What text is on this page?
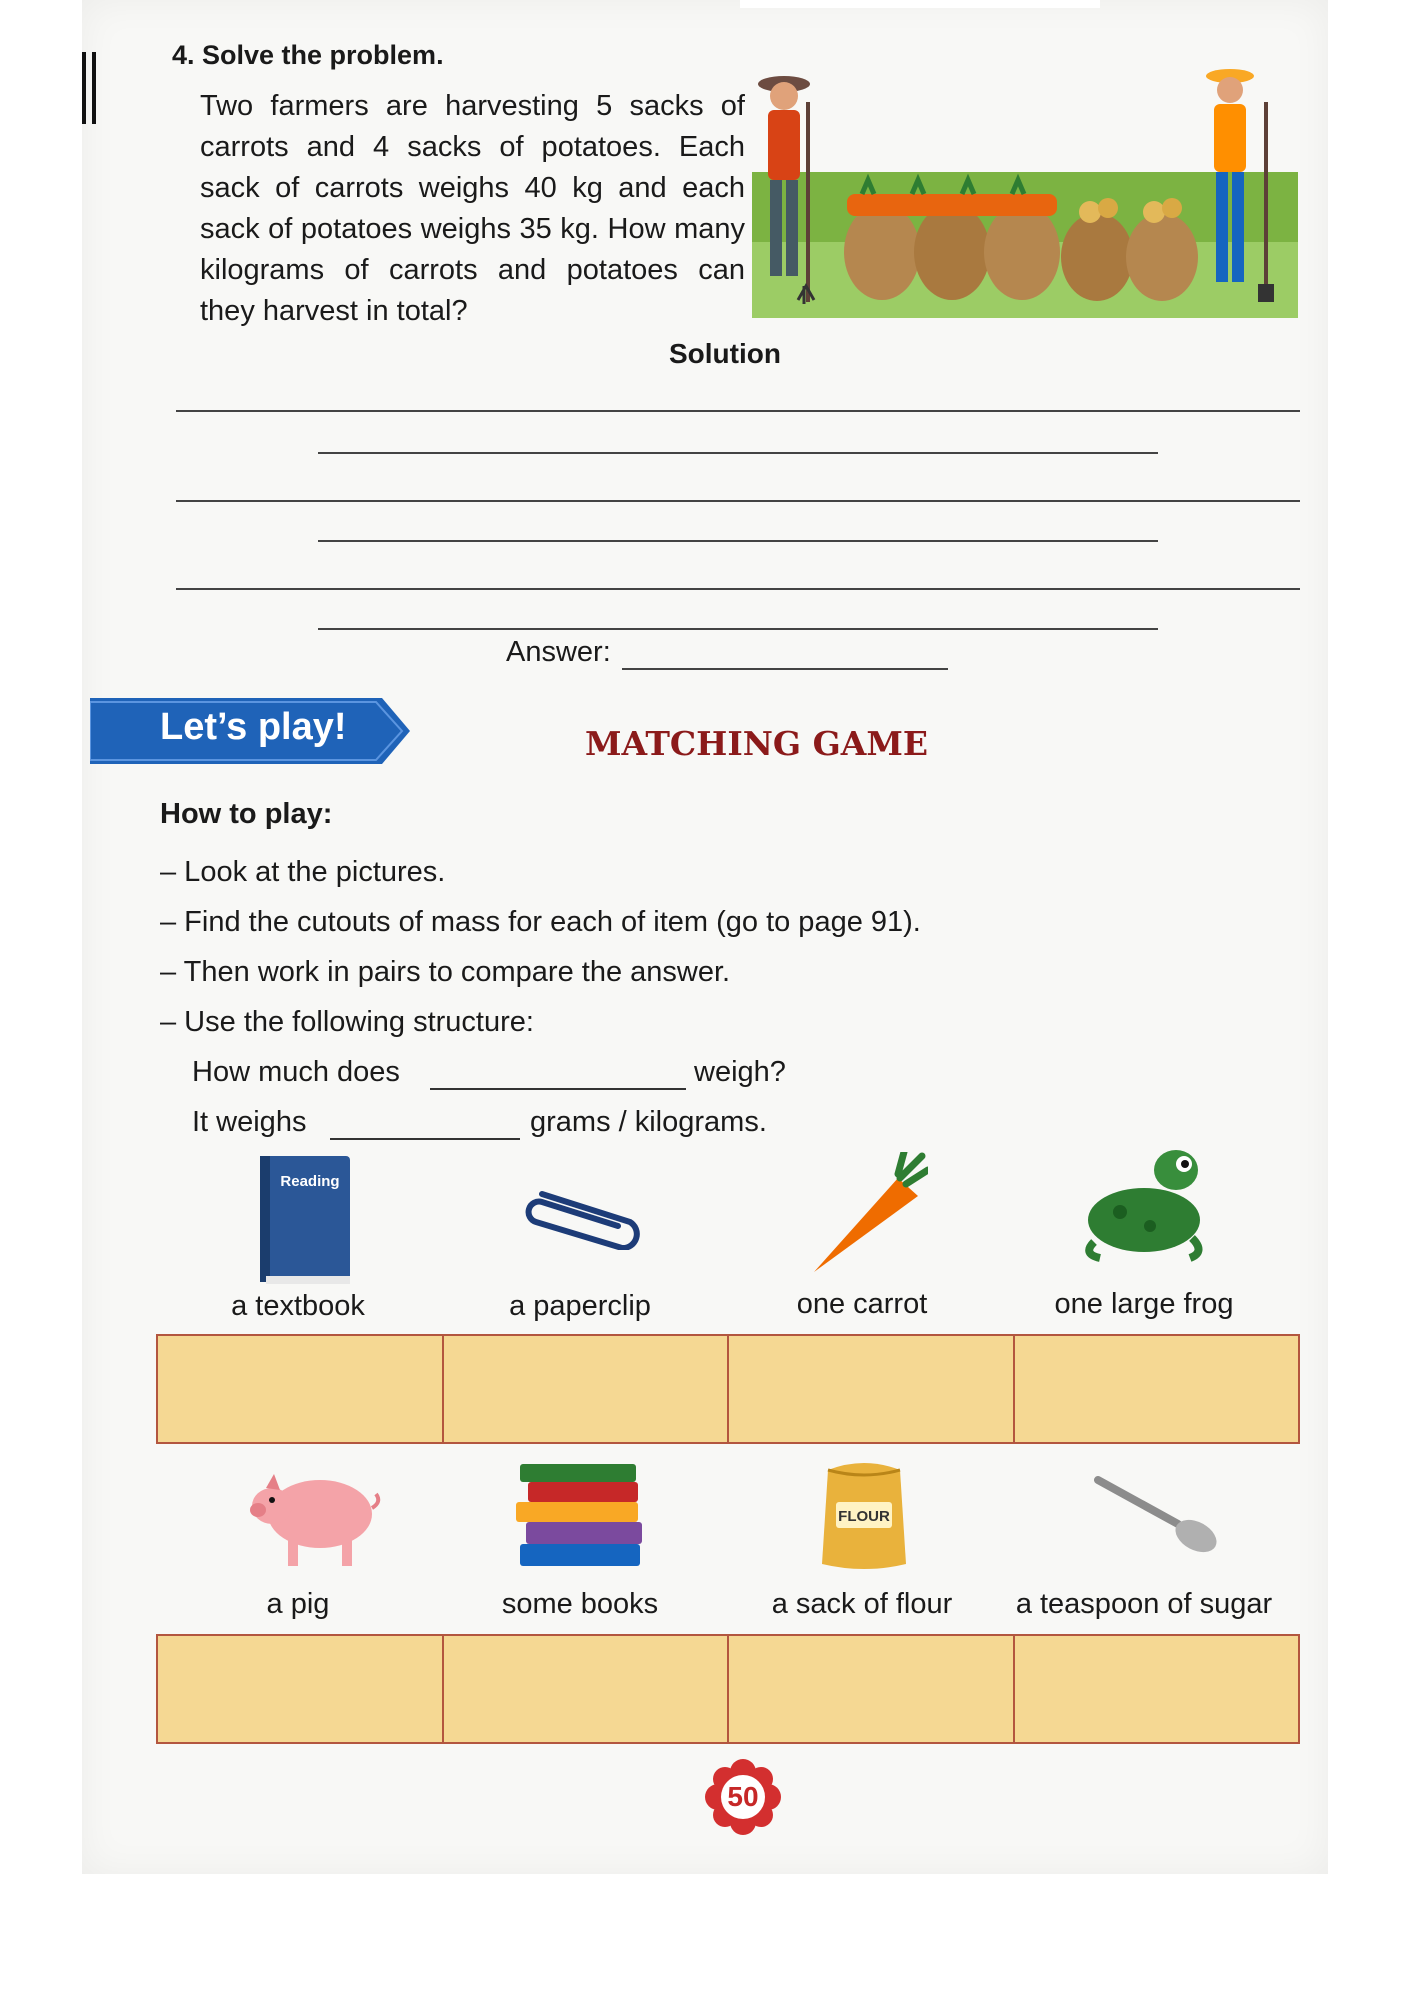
4. Solve the problem.
Two farmers are harvesting 5 sacks of carrots and 4 sacks of potatoes. Each sack of carrots weighs 40 kg and each sack of potatoes weighs 35 kg. How many kilograms of carrots and potatoes can they harvest in total?
Solution
Answer:
Let’s play!	MATCHING GAME
How to play:
– Look at the pictures.
– Find the cutouts of mass for each of item (go to page 91).
– Then work in pairs to compare the answer.
– Use the following structure:
How much does	weigh?
It weighs	grams / kilograms.
Reading
a textbook	a paperclip	one carrot	one large frog
FLOUR
a pig	some books	a sack of flour	a teaspoon of sugar
50
